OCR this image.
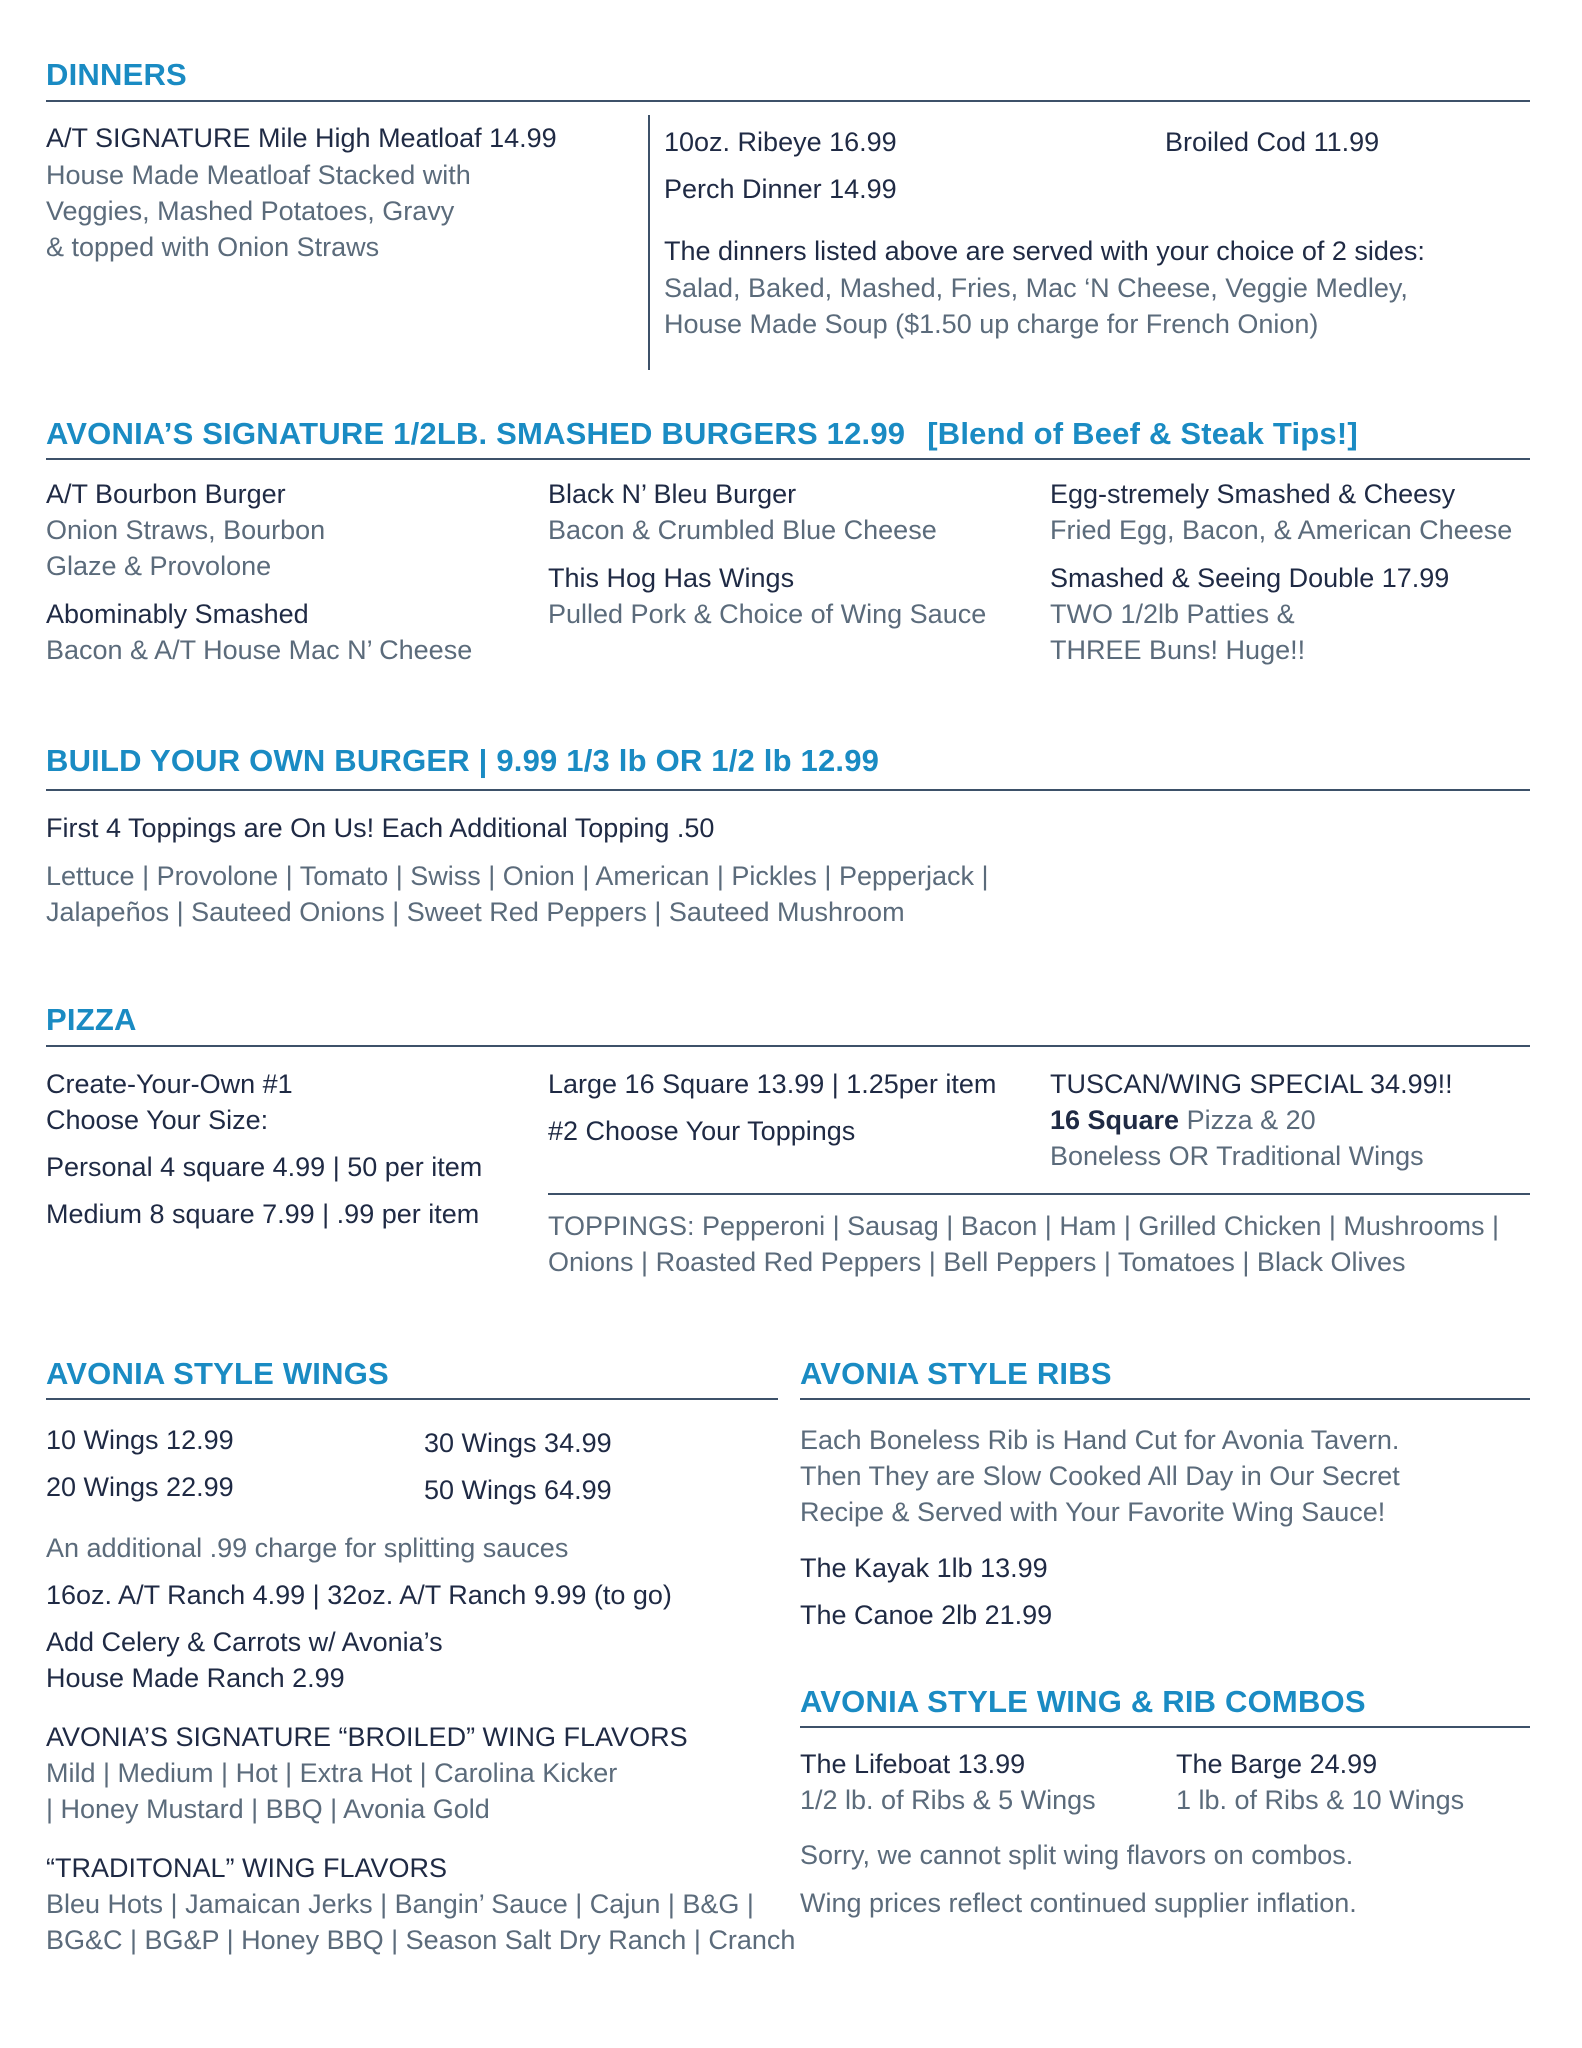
DINNERS
A/T SIGNATURE Mile High Meatloaf 14.99
House Made Meatloaf Stacked with
Veggies, Mashed Potatoes, Gravy
& topped with Onion Straws
10oz. Ribeye 16.99	Broiled Cod 11.99
Perch Dinner 14.99
The dinners listed above are served with your choice of 2 sides:
Salad, Baked, Mashed, Fries, Mac ‘N Cheese, Veggie Medley,
House Made Soup ($1.50 up charge for French Onion)
AVONIA’S SIGNATURE 1/2LB. SMASHED BURGERS 12.99 [Blend of Beef & Steak Tips!]
A/T Bourbon Burger
Onion Straws, Bourbon
Glaze & Provolone
Abominably Smashed
Bacon & A/T House Mac N’ Cheese
Black N’ Bleu Burger
Bacon & Crumbled Blue Cheese
This Hog Has Wings
Pulled Pork & Choice of Wing Sauce
Egg-stremely Smashed & Cheesy
Fried Egg, Bacon, & American Cheese
Smashed & Seeing Double 17.99
TWO 1/2lb Patties &
THREE Buns! Huge!!
BUILD YOUR OWN BURGER | 9.99 1/3 lb OR 1/2 lb 12.99
First 4 Toppings are On Us! Each Additional Topping .50
Lettuce | Provolone | Tomato | Swiss | Onion | American | Pickles | Pepperjack |
Jalapeños | Sauteed Onions | Sweet Red Peppers | Sauteed Mushroom
PIZZA
Create-Your-Own #1
Choose Your Size:
Personal 4 square 4.99 | 50 per item
Medium 8 square 7.99 | .99 per item
Large 16 Square 13.99 | 1.25per item
#2 Choose Your Toppings
TUSCAN/WING SPECIAL 34.99!!
16 Square Pizza & 20
Boneless OR Traditional Wings
TOPPINGS: Pepperoni | Sausag | Bacon | Ham | Grilled Chicken | Mushrooms |
Onions | Roasted Red Peppers | Bell Peppers | Tomatoes | Black Olives
AVONIA STYLE WINGS
10 Wings 12.99
20 Wings 22.99
30 Wings 34.99
50 Wings 64.99
An additional .99 charge for splitting sauces
16oz. A/T Ranch 4.99 | 32oz. A/T Ranch 9.99 (to go)
Add Celery & Carrots w/ Avonia’s
House Made Ranch 2.99
AVONIA’S SIGNATURE “BROILED” WING FLAVORS
Mild | Medium | Hot | Extra Hot | Carolina Kicker
| Honey Mustard | BBQ | Avonia Gold
“TRADITONAL” WING FLAVORS
Bleu Hots | Jamaican Jerks | Bangin’ Sauce | Cajun | B&G |
BG&C | BG&P | Honey BBQ | Season Salt Dry Ranch | Cranch
AVONIA STYLE RIBS
Each Boneless Rib is Hand Cut for Avonia Tavern.
Then They are Slow Cooked All Day in Our Secret
Recipe & Served with Your Favorite Wing Sauce!
The Kayak 1lb 13.99
The Canoe 2lb 21.99
AVONIA STYLE WING & RIB COMBOS
The Lifeboat 13.99
1/2 lb. of Ribs & 5 Wings
The Barge 24.99
1 lb. of Ribs & 10 Wings
Sorry, we cannot split wing flavors on combos.
Wing prices reflect continued supplier inflation.
